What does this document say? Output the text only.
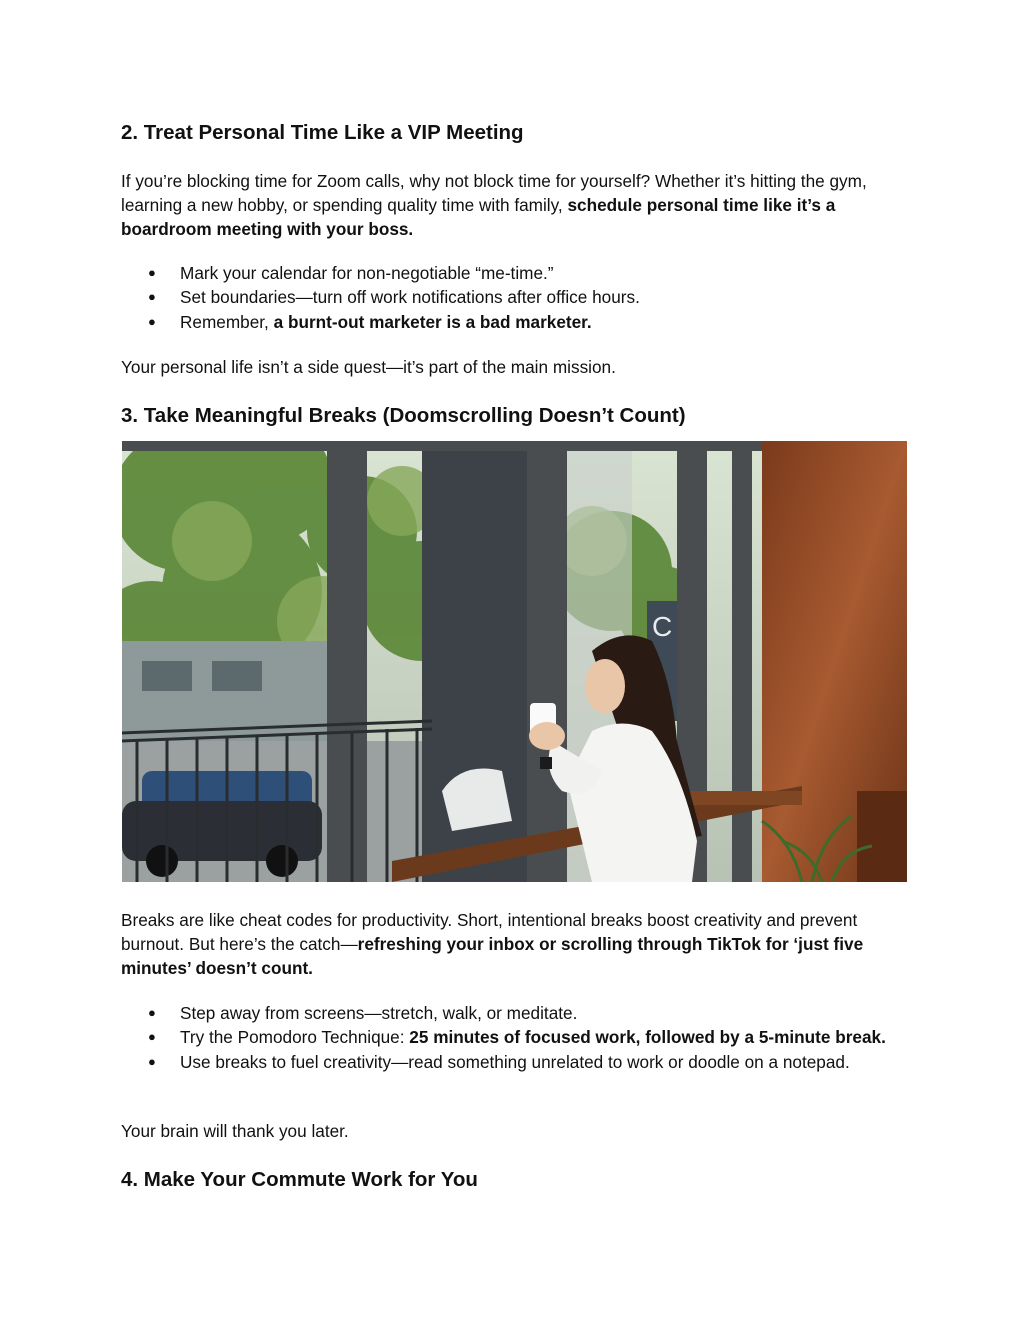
2. Treat Personal Time Like a VIP Meeting

If you’re blocking time for Zoom calls, why not block time for yourself? Whether it’s hitting the gym, learning a new hobby, or spending quality time with family, schedule personal time like it’s a boardroom meeting with your boss.

● Mark your calendar for non-negotiable “me-time.”
● Set boundaries—turn off work notifications after office hours.
● Remember, a burnt-out marketer is a bad marketer.

Your personal life isn’t a side quest—it’s part of the main mission.

3. Take Meaningful Breaks (Doomscrolling Doesn’t Count)
C

Breaks are like cheat codes for productivity. Short, intentional breaks boost creativity and prevent burnout. But here’s the catch—refreshing your inbox or scrolling through TikTok for ‘just five minutes’ doesn’t count.

● Step away from screens—stretch, walk, or meditate.
● Try the Pomodoro Technique: 25 minutes of focused work, followed by a 5-minute break.
● Use breaks to fuel creativity—read something unrelated to work or doodle on a notepad.

Your brain will thank you later.

4. Make Your Commute Work for You
